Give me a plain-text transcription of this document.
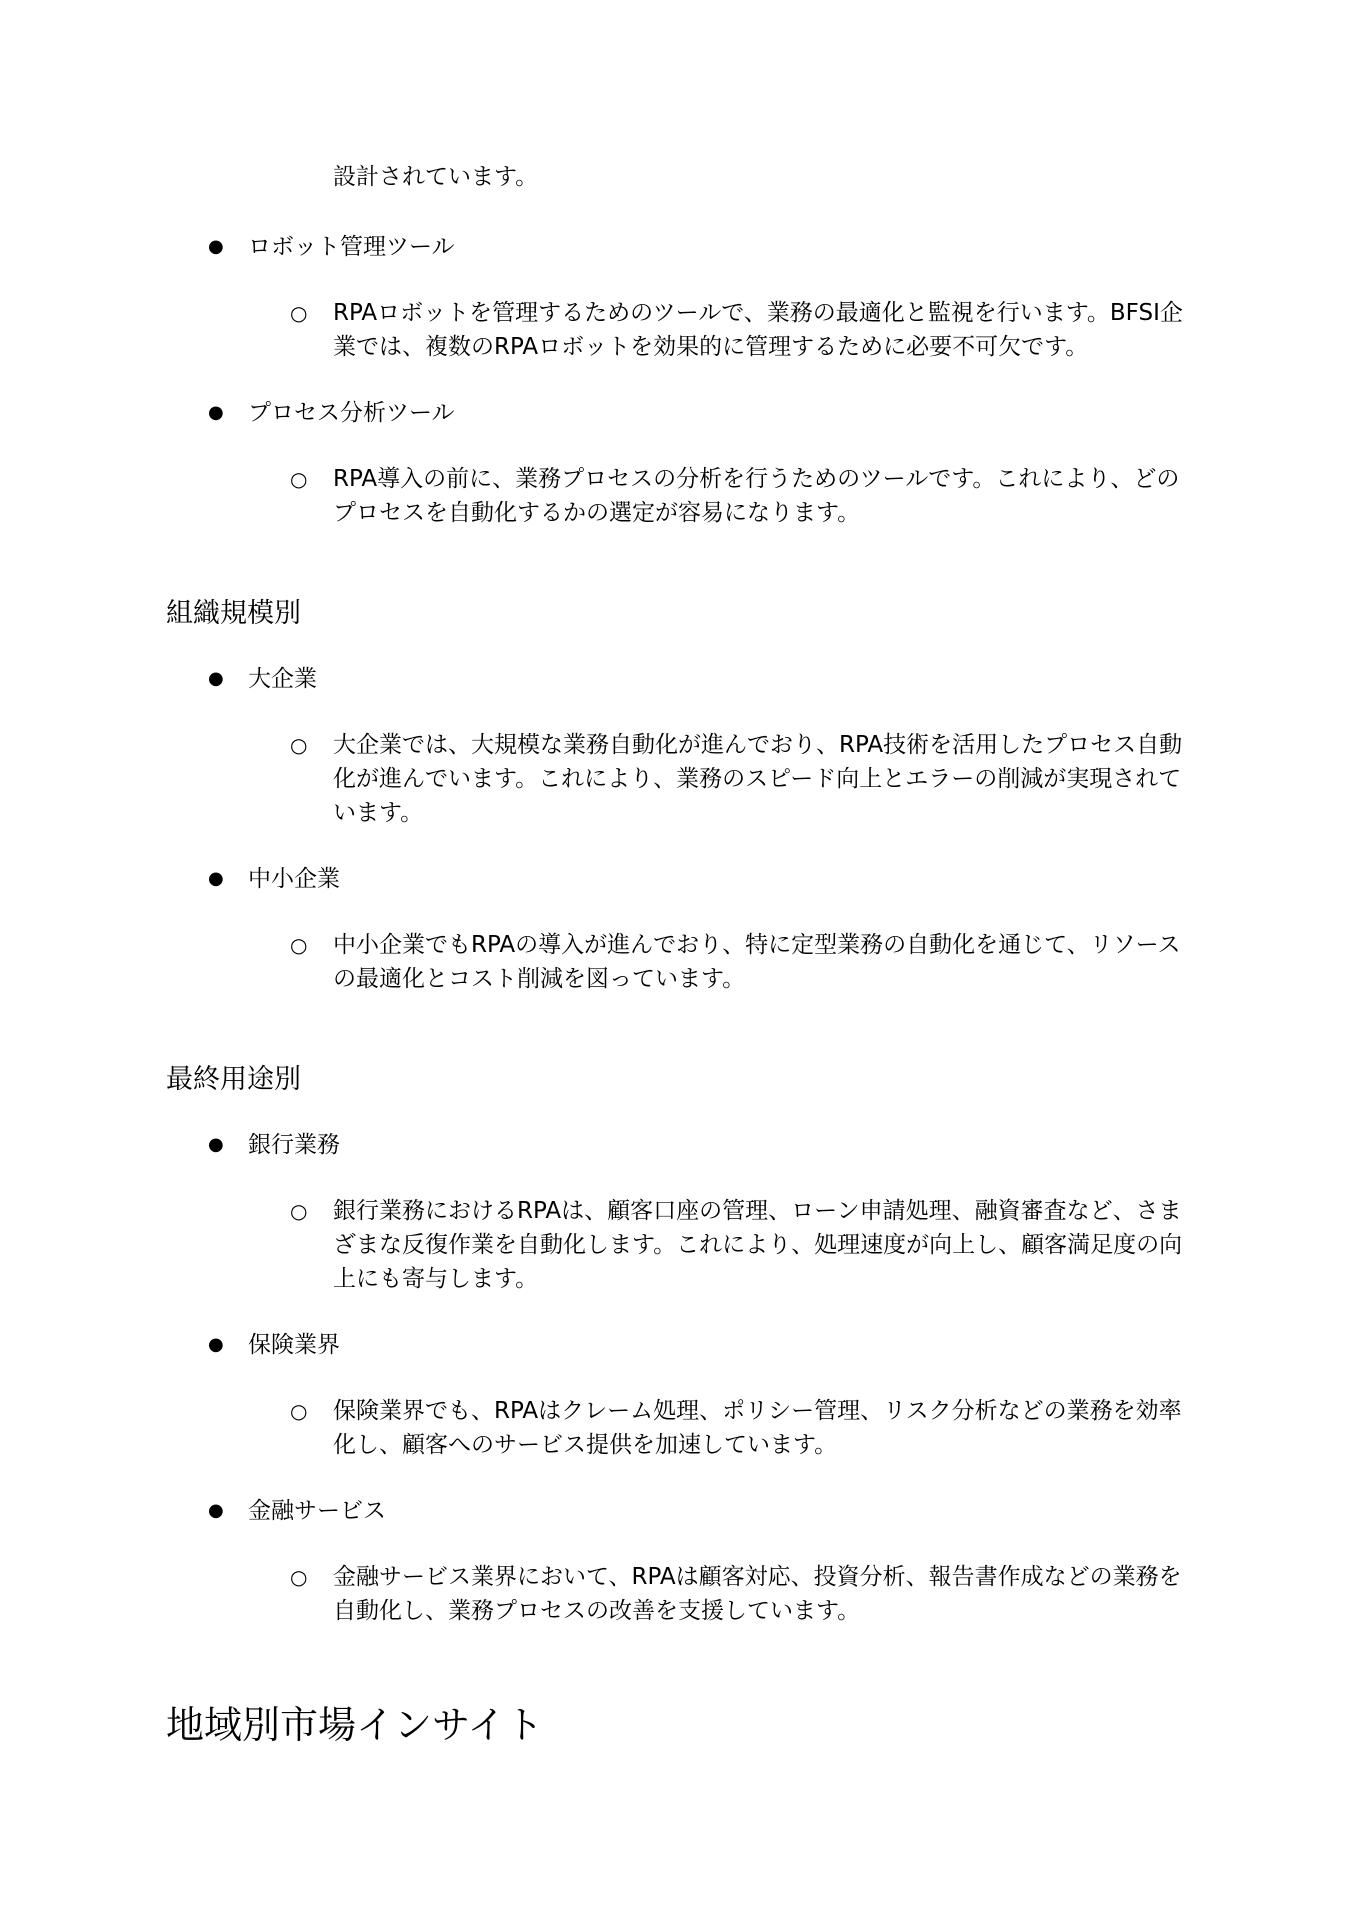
設計されています。

● ロボット管理ツール
○ RPAロボットを管理するためのツールで、業務の最適化と監視を行います。BFSI企業では、複数のRPAロボットを効果的に管理するために必要不可欠です。
● プロセス分析ツール
○ RPA導入の前に、業務プロセスの分析を行うためのツールです。これにより、どのプロセスを自動化するかの選定が容易になります。
組織規模別
● 大企業
○ 大企業では、大規模な業務自動化が進んでおり、RPA技術を活用したプロセス自動化が進んでいます。これにより、業務のスピード向上とエラーの削減が実現されています。
● 中小企業
○ 中小企業でもRPAの導入が進んでおり、特に定型業務の自動化を通じて、リソースの最適化とコスト削減を図っています。
最終用途別
● 銀行業務
○ 銀行業務におけるRPAは、顧客口座の管理、ローン申請処理、融資審査など、さまざまな反復作業を自動化します。これにより、処理速度が向上し、顧客満足度の向上にも寄与します。
● 保険業界
○ 保険業界でも、RPAはクレーム処理、ポリシー管理、リスク分析などの業務を効率化し、顧客へのサービス提供を加速しています。
● 金融サービス
○ 金融サービス業界において、RPAは顧客対応、投資分析、報告書作成などの業務を自動化し、業務プロセスの改善を支援しています。
地域別市場インサイト
